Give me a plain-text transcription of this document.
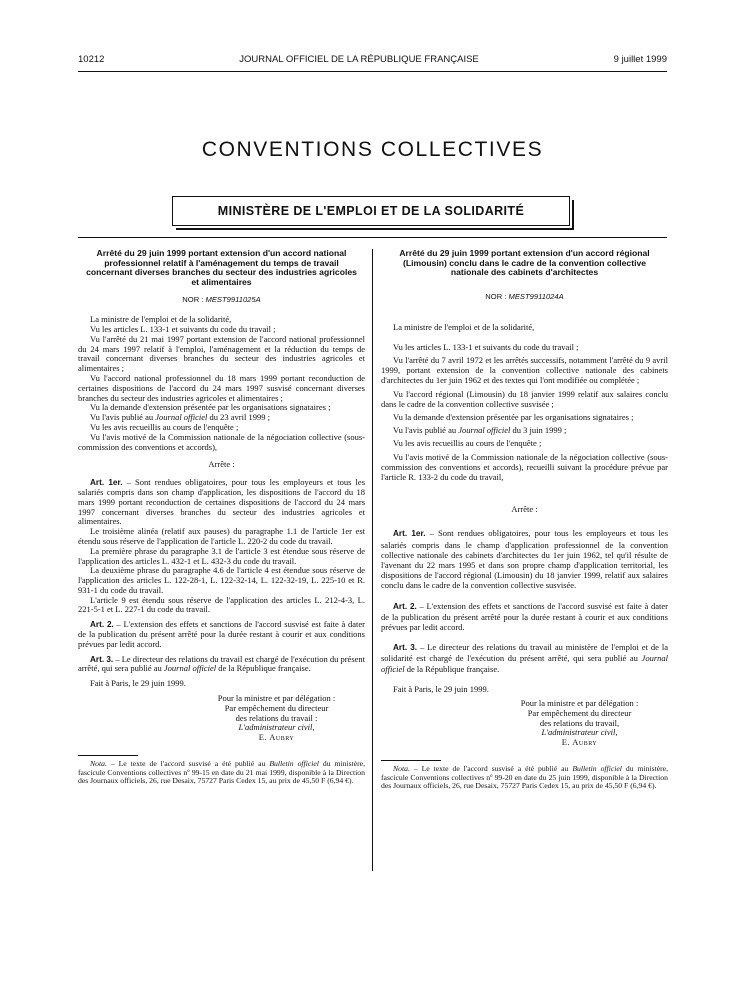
10212	JOURNAL OFFICIEL DE LA RÉPUBLIQUE FRANÇAISE	9 juillet 1999
CONVENTIONS COLLECTIVES
MINISTÈRE DE L'EMPLOI ET DE LA SOLIDARITÉ
Arrêté du 29 juin 1999 portant extension d'un accord national professionnel relatif à l'aménagement du temps de travail concernant diverses branches du secteur des industries agricoles et alimentaires
NOR : MEST9911025A

La ministre de l'emploi et de la solidarité,

Vu les articles L. 133-1 et suivants du code du travail ;

Vu l'arrêté du 21 mai 1997 portant extension de l'accord national professionnel du 24 mars 1997 relatif à l'emploi, l'aménagement et la réduction du temps de travail concernant diverses branches du secteur des industries agricoles et alimentaires ;

Vu l'accord national professionnel du 18 mars 1999 portant reconduction de certaines dispositions de l'accord du 24 mars 1997 susvisé concernant diverses branches du secteur des industries agricoles et alimentaires ;

Vu la demande d'extension présentée par les organisations signataires ;

Vu l'avis publié au Journal officiel du 23 avril 1999 ;

Vu les avis recueillis au cours de l'enquête ;

Vu l'avis motivé de la Commission nationale de la négociation collective (sous-commission des conventions et accords),

Arrête :

Art. 1er. – Sont rendues obligatoires, pour tous les employeurs et tous les salariés compris dans son champ d'application, les dispositions de l'accord du 18 mars 1999 portant reconduction de certaines dispositions de l'accord du 24 mars 1997 concernant diverses branches du secteur des industries agricoles et alimentaires.

Le troisième alinéa (relatif aux pauses) du paragraphe 1.1 de l'article 1er est étendu sous réserve de l'application de l'article L. 220-2 du code du travail.

La première phrase du paragraphe 3.1 de l'article 3 est étendue sous réserve de l'application des articles L. 432-1 et L. 432-3 du code du travail.

La deuxième phrase du paragraphe 4.6 de l'article 4 est étendue sous réserve de l'application des articles L. 122-28-1, L. 122-32-14, L. 122-32-19, L. 225-10 et R. 931-1 du code du travail.

L'article 9 est étendu sous réserve de l'application des articles L. 212-4-3, L. 221-5-1 et L. 227-1 du code du travail.

Art. 2. – L'extension des effets et sanctions de l'accord susvisé est faite à dater de la publication du présent arrêté pour la durée restant à courir et aux conditions prévues par ledit accord.

Art. 3. – Le directeur des relations du travail est chargé de l'exécution du présent arrêté, qui sera publié au Journal officiel de la République française.

Fait à Paris, le 29 juin 1999.

Pour la ministre et par délégation :
Par empêchement du directeur
des relations du travail :
L'administrateur civil,
E. Aubry
Nota. – Le texte de l'accord susvisé a été publié au Bulletin officiel du ministère, fascicule Conventions collectives nº 99-15 en date du 21 mai 1999, disponible à la Direction des Journaux officiels, 26, rue Desaix, 75727 Paris Cedex 15, au prix de 45,50 F (6,94 €).
Arrêté du 29 juin 1999 portant extension d'un accord régional (Limousin) conclu dans le cadre de la convention collective nationale des cabinets d'architectes
NOR : MEST9911024A

La ministre de l'emploi et de la solidarité,

Vu les articles L. 133-1 et suivants du code du travail ;

Vu l'arrêté du 7 avril 1972 et les arrêtés successifs, notamment l'arrêté du 9 avril 1999, portant extension de la convention collective nationale des cabinets d'architectes du 1er juin 1962 et des textes qui l'ont modifiée ou complétée ;

Vu l'accord régional (Limousin) du 18 janvier 1999 relatif aux salaires conclu dans le cadre de la convention collective susvisée ;

Vu la demande d'extension présentée par les organisations signataires ;

Vu l'avis publié au Journal officiel du 3 juin 1999 ;

Vu les avis recueillis au cours de l'enquête ;

Vu l'avis motivé de la Commission nationale de la négociation collective (sous-commission des conventions et accords), recueilli suivant la procédure prévue par l'article R. 133-2 du code du travail,

Arrête :

Art. 1er. – Sont rendues obligatoires, pour tous les employeurs et tous les salariés compris dans le champ d'application professionnel de la convention collective nationale des cabinets d'architectes du 1er juin 1962, tel qu'il résulte de l'avenant du 22 mars 1995 et dans son propre champ d'application territorial, les dispositions de l'accord régional (Limousin) du 18 janvier 1999, relatif aux salaires conclu dans le cadre de la convention collective susvisée.

Art. 2. – L'extension des effets et sanctions de l'accord susvisé est faite à dater de la publication du présent arrêté pour la durée restant à courir et aux conditions prévues par ledit accord.

Art. 3. – Le directeur des relations du travail au ministère de l'emploi et de la solidarité est chargé de l'exécution du présent arrêté, qui sera publié au Journal officiel de la République française.

Fait à Paris, le 29 juin 1999.

Pour la ministre et par délégation :
Par empêchement du directeur
des relations du travail,
L'administrateur civil,
E. Aubry
Nota. – Le texte de l'accord susvisé a été publié au Bulletin officiel du ministère, fascicule Conventions collectives nº 99-20 en date du 25 juin 1999, disponible à la Direction des Journaux officiels, 26, rue Desaix, 75727 Paris Cedex 15, au prix de 45,50 F (6,94 €).
